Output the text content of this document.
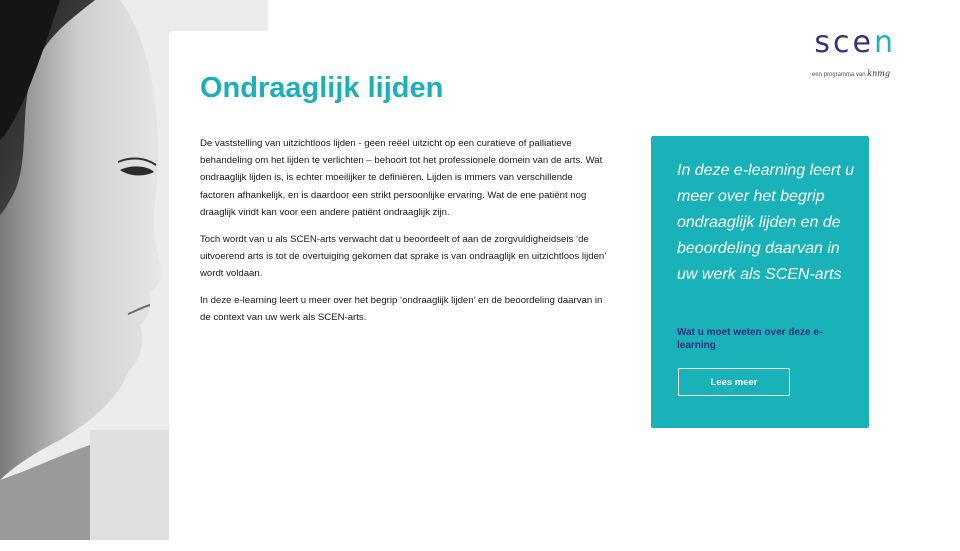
scen
een programma van knmg
Ondraaglijk lijden

De vaststelling van uitzichtloos lijden - geen reëel uitzicht op een curatieve of palliatieve behandeling om het lijden te verlichten – behoort tot het professionele domein van de arts. Wat ondraaglijk lijden is, is echter moeilijker te definiëren. Lijden is immers van verschillende factoren afhankelijk, en is daardoor een strikt persoonlijke ervaring. Wat de ene patiënt nog draaglijk vindt kan voor een andere patiënt ondraaglijk zijn.

Toch wordt van u als SCEN-arts verwacht dat u beoordeelt of aan de zorgvuldigheidseis ‘de uitvoerend arts is tot de overtuiging gekomen dat sprake is van ondraaglijk en uitzichtloos lijden’ wordt voldaan.

In deze e-learning leert u meer over het begrip ‘ondraaglijk lijden’ en de beoordeling daarvan in de context van uw werk als SCEN-arts.

In deze e-learning leert u meer over het begrip ondraaglijk lijden en de beoordeling daarvan in uw werk als SCEN-arts

Wat u moet weten over deze e-learning

Lees meer
